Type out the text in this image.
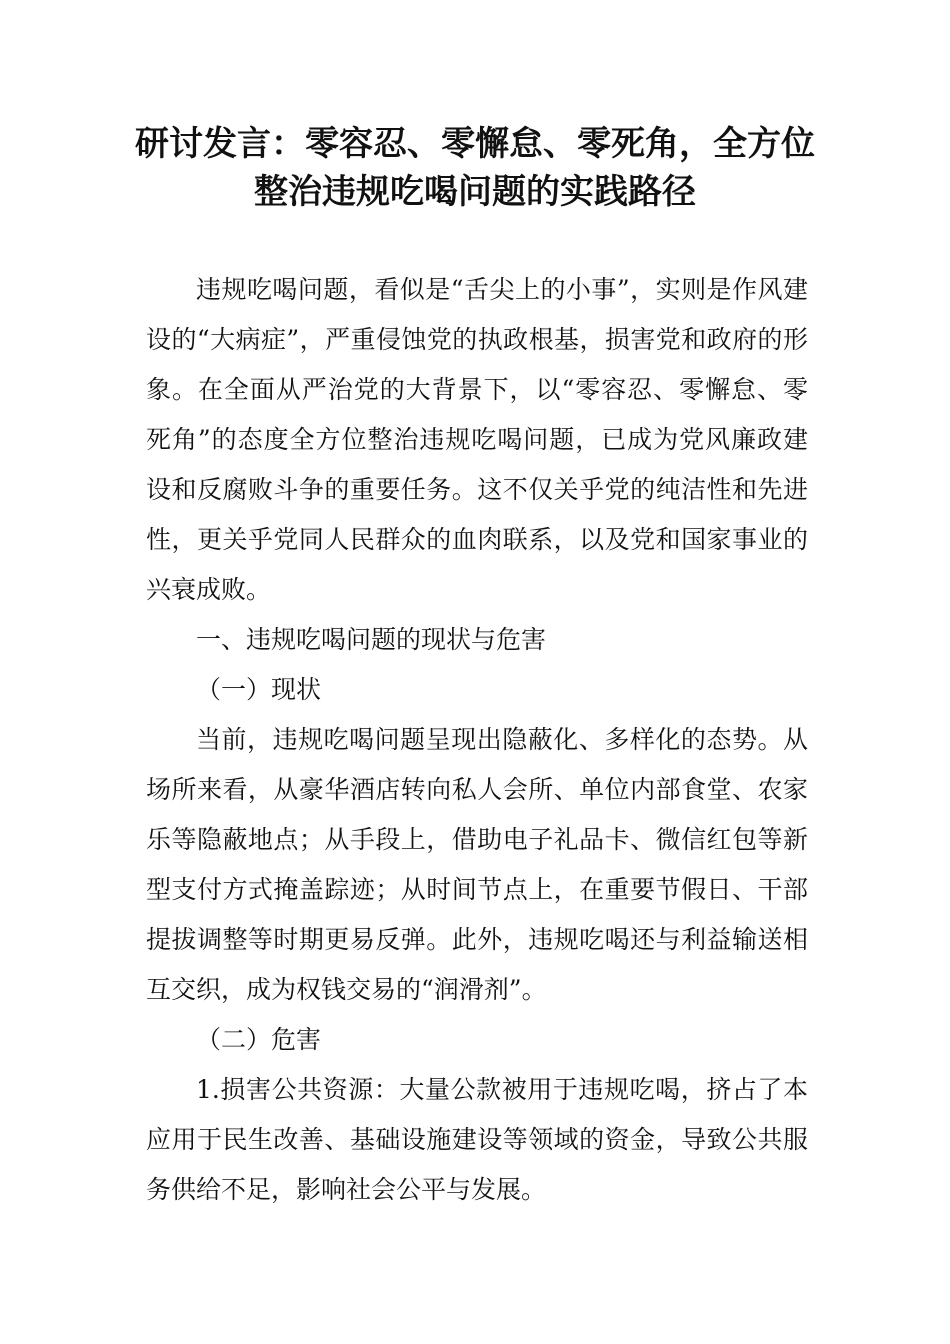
研讨发言：零容忍、零懈怠、零死角，全方位
整治违规吃喝问题的实践路径

违规吃喝问题，看似是“舌尖上的小事”，实则是作风建设的“大病症”，严重侵蚀党的执政根基，损害党和政府的形象。在全面从严治党的大背景下，以“零容忍、零懈怠、零死角”的态度全方位整治违规吃喝问题，已成为党风廉政建设和反腐败斗争的重要任务。这不仅关乎党的纯洁性和先进性，更关乎党同人民群众的血肉联系，以及党和国家事业的兴衰成败。

一、违规吃喝问题的现状与危害

（一）现状

当前，违规吃喝问题呈现出隐蔽化、多样化的态势。从场所来看，从豪华酒店转向私人会所、单位内部食堂、农家乐等隐蔽地点；从手段上，借助电子礼品卡、微信红包等新型支付方式掩盖踪迹；从时间节点上，在重要节假日、干部提拔调整等时期更易反弹。此外，违规吃喝还与利益输送相互交织，成为权钱交易的“润滑剂”。

（二）危害

1.损害公共资源：大量公款被用于违规吃喝，挤占了本应用于民生改善、基础设施建设等领域的资金，导致公共服务供给不足，影响社会公平与发展。
